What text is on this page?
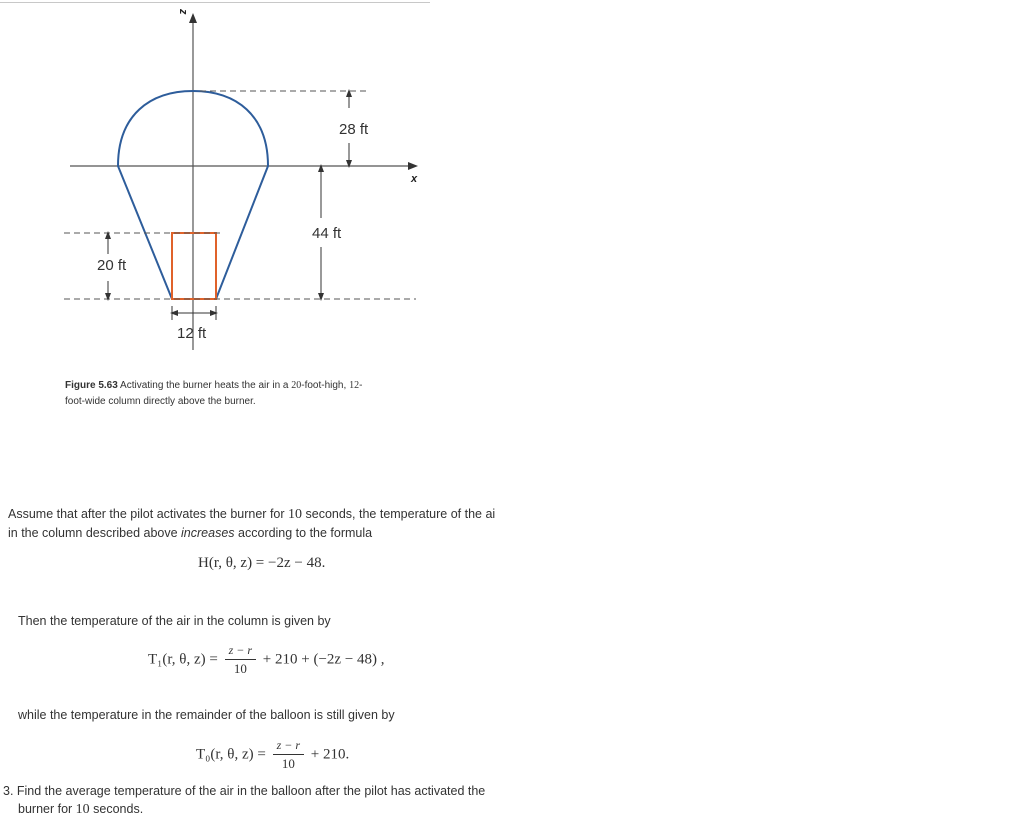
z
x
28 ft
44 ft
20 ft
12 ft
Figure 5.63 Activating the burner heats the air in a 20-foot-high, 12-
foot-wide column directly above the burner.
Assume that after the pilot activates the burner for 10 seconds, the temperature of the ai
in the column described above increases according to the formula
H(r, θ, z) = −2z − 48.
Then the temperature of the air in the column is given by
T₁(r, θ, $z) = \frac{z - r}{10} + 210 + (-2z - 48)$ ,
while the temperature in the remainder of the balloon is still given by
T₀(r, θ, $z) = \frac{z - r}{10} + 210$.
3. Find the average temperature of the air in the balloon after the pilot has activated the
burner for 10 seconds.
